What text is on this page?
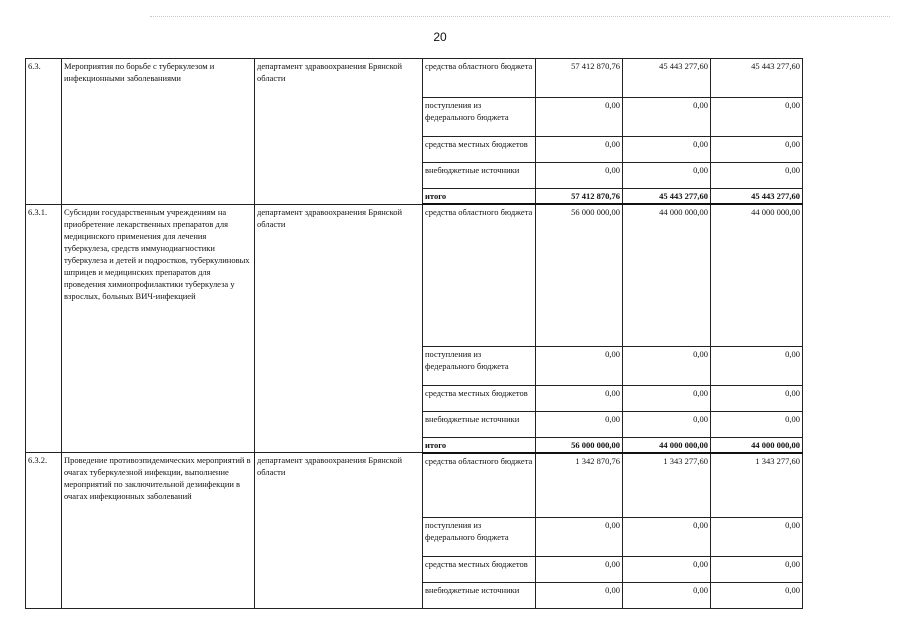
20
6.3.	Мероприятия по борьбе с туберкулезом и инфекционными заболеваниями	департамент здравоохранения Брянской области	средства областного бюджета	57 412 870,76	45 443 277,60	45 443 277,60
			поступления из федерального бюджета	0,00	0,00	0,00
			средства местных бюджетов	0,00	0,00	0,00
			внебюджетные источники	0,00	0,00	0,00
			итого	57 412 870,76	45 443 277,60	45 443 277,60
6.3.1.	Субсидии государственным учреждениям на приобретение лекарственных препаратов для медицинского применения для лечения туберкулеза, средств иммунодиагностики туберкулеза и детей и подростков, туберкулиновых шприцев и медицинских препаратов для проведения химиопрофилактики туберкулеза у взрослых, больных ВИЧ-инфекцией	департамент здравоохранения Брянской области	средства областного бюджета	56 000 000,00	44 000 000,00	44 000 000,00
			поступления из федерального бюджета	0,00	0,00	0,00
			средства местных бюджетов	0,00	0,00	0,00
			внебюджетные источники	0,00	0,00	0,00
			итого	56 000 000,00	44 000 000,00	44 000 000,00
6.3.2.	Проведение противоэпидемических мероприятий в очагах туберкулезной инфекции, выполнение мероприятий по заключительной дезинфекции в очагах инфекционных заболеваний	департамент здравоохранения Брянской области	средства областного бюджета	1 342 870,76	1 343 277,60	1 343 277,60
			поступления из федерального бюджета	0,00	0,00	0,00
			средства местных бюджетов	0,00	0,00	0,00
			внебюджетные источники	0,00	0,00	0,00
